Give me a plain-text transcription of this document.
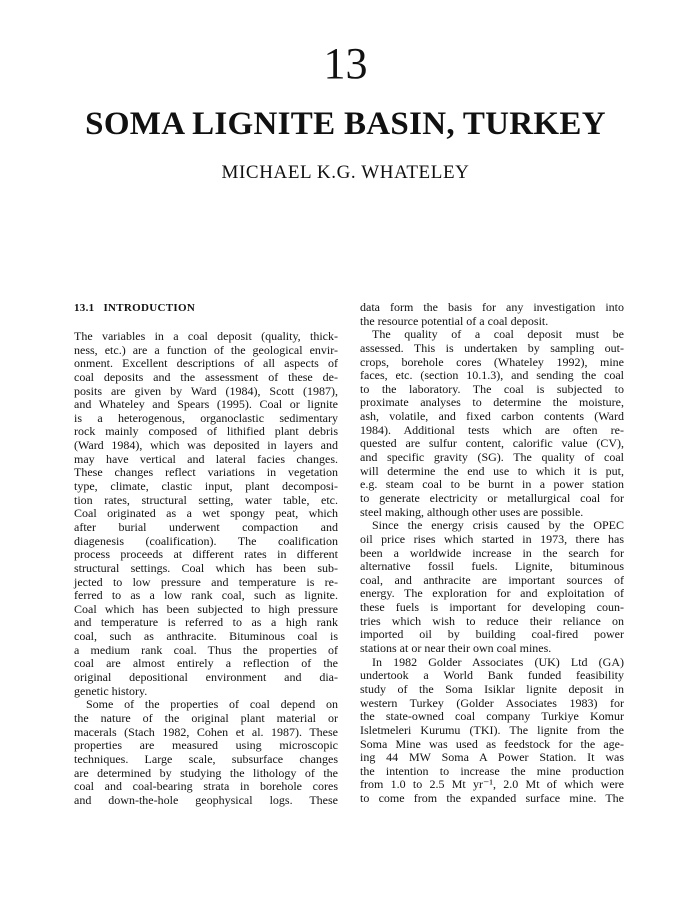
13
SOMA LIGNITE BASIN, TURKEY
MICHAEL K.G. WHATELEY
13.1 INTRODUCTION
The variables in a coal deposit (quality, thick-
ness, etc.) are a function of the geological envir-
onment. Excellent descriptions of all aspects of
coal deposits and the assessment of these de-
posits are given by Ward (1984), Scott (1987),
and Whateley and Spears (1995). Coal or lignite
is a heterogenous, organoclastic sedimentary
rock mainly composed of lithified plant debris
(Ward 1984), which was deposited in layers and
may have vertical and lateral facies changes.
These changes reflect variations in vegetation
type, climate, clastic input, plant decomposi-
tion rates, structural setting, water table, etc.
Coal originated as a wet spongy peat, which
after burial underwent compaction and
diagenesis (coalification). The coalification
process proceeds at different rates in different
structural settings. Coal which has been sub-
jected to low pressure and temperature is re-
ferred to as a low rank coal, such as lignite.
Coal which has been subjected to high pressure
and temperature is referred to as a high rank
coal, such as anthracite. Bituminous coal is
a medium rank coal. Thus the properties of
coal are almost entirely a reflection of the
original depositional environment and dia-
genetic history.
Some of the properties of coal depend on
the nature of the original plant material or
macerals (Stach 1982, Cohen et al. 1987). These
properties are measured using microscopic
techniques. Large scale, subsurface changes
are determined by studying the lithology of the
coal and coal-bearing strata in borehole cores
and down-the-hole geophysical logs. These
data form the basis for any investigation into
the resource potential of a coal deposit.
The quality of a coal deposit must be
assessed. This is undertaken by sampling out-
crops, borehole cores (Whateley 1992), mine
faces, etc. (section 10.1.3), and sending the coal
to the laboratory. The coal is subjected to
proximate analyses to determine the moisture,
ash, volatile, and fixed carbon contents (Ward
1984). Additional tests which are often re-
quested are sulfur content, calorific value (CV),
and specific gravity (SG). The quality of coal
will determine the end use to which it is put,
e.g. steam coal to be burnt in a power station
to generate electricity or metallurgical coal for
steel making, although other uses are possible.
Since the energy crisis caused by the OPEC
oil price rises which started in 1973, there has
been a worldwide increase in the search for
alternative fossil fuels. Lignite, bituminous
coal, and anthracite are important sources of
energy. The exploration for and exploitation of
these fuels is important for developing coun-
tries which wish to reduce their reliance on
imported oil by building coal-fired power
stations at or near their own coal mines.
In 1982 Golder Associates (UK) Ltd (GA)
undertook a World Bank funded feasibility
study of the Soma Isiklar lignite deposit in
western Turkey (Golder Associates 1983) for
the state-owned coal company Turkiye Komur
Isletmeleri Kurumu (TKI). The lignite from the
Soma Mine was used as feedstock for the age-
ing 44 MW Soma A Power Station. It was
the intention to increase the mine production
from 1.0 to 2.5 Mt yr⁻¹, 2.0 Mt of which were
to come from the expanded surface mine. The
